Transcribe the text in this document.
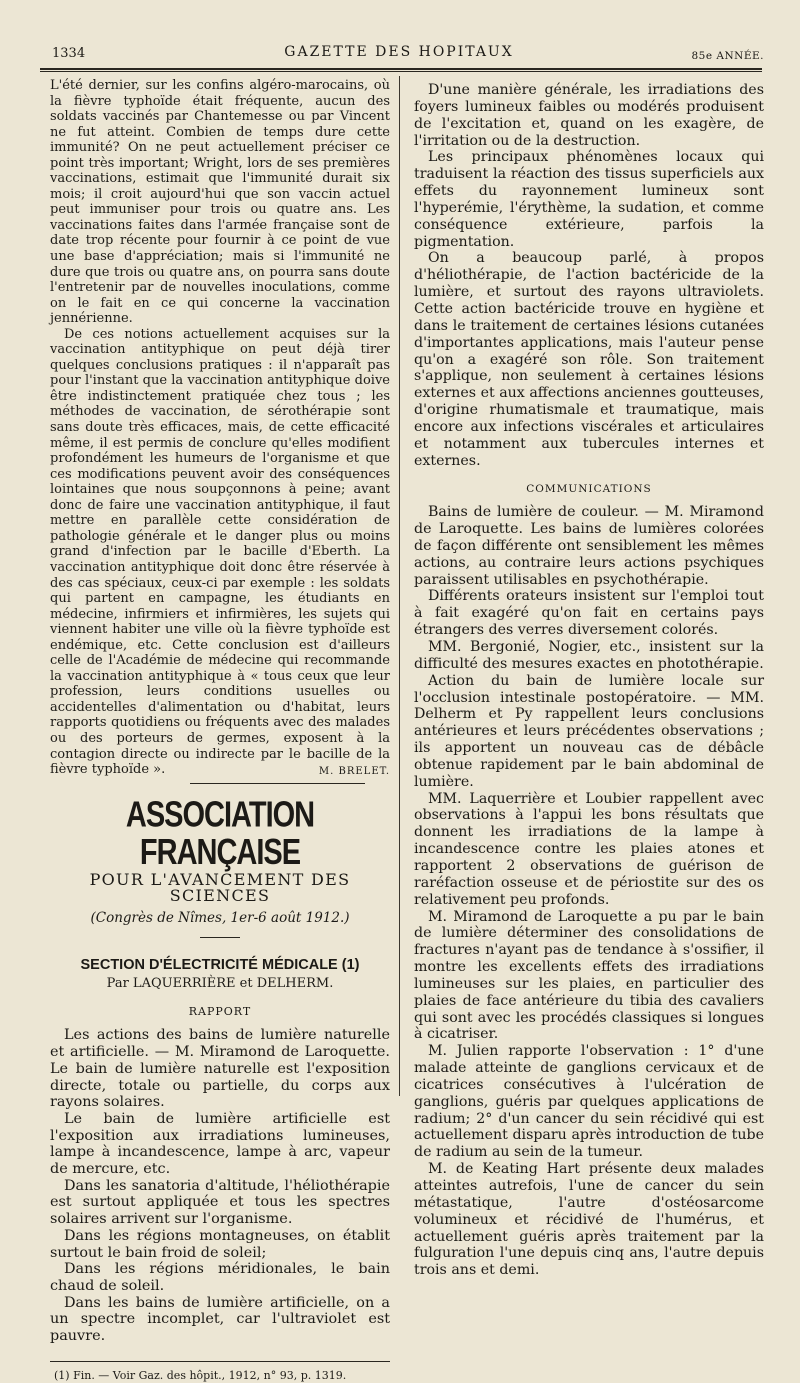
1334	GAZETTE DES HOPITAUX	85e ANNÉE.

L'été dernier, sur les confins algéro-marocains, où la fièvre typhoïde était fréquente, aucun des soldats vaccinés par Chantemesse ou par Vincent ne fut atteint. Combien de temps dure cette immunité? On ne peut actuellement préciser ce point très important; Wright, lors de ses premières vaccinations, estimait que l'immunité durait six mois; il croit aujourd'hui que son vaccin actuel peut immuniser pour trois ou quatre ans. Les vaccinations faites dans l'armée française sont de date trop récente pour fournir à ce point de vue une base d'appréciation; mais si l'immunité ne dure que trois ou quatre ans, on pourra sans doute l'entretenir par de nouvelles inoculations, comme on le fait en ce qui concerne la vaccination jennérienne.

De ces notions actuellement acquises sur la vaccination antityphique on peut déjà tirer quelques conclusions pratiques : il n'apparaît pas pour l'instant que la vaccination antityphique doive être indistinctement pratiquée chez tous ; les méthodes de vaccination, de sérothérapie sont sans doute très efficaces, mais, de cette efficacité même, il est permis de conclure qu'elles modifient profondément les humeurs de l'organisme et que ces modifications peuvent avoir des conséquences lointaines que nous soupçonnons à peine; avant donc de faire une vaccination antityphique, il faut mettre en parallèle cette considération de pathologie générale et le danger plus ou moins grand d'infection par le bacille d'Eberth. La vaccination antityphique doit donc être réservée à des cas spéciaux, ceux-ci par exemple : les soldats qui partent en campagne, les étudiants en médecine, infirmiers et infirmières, les sujets qui viennent habiter une ville où la fièvre typhoïde est endémique, etc. Cette conclusion est d'ailleurs celle de l'Académie de médecine qui recommande la vaccination antityphique à « tous ceux que leur profession, leurs conditions usuelles ou accidentelles d'alimentation ou d'habitat, leurs rapports quotidiens ou fréquents avec des malades ou des porteurs de germes, exposent à la contagion directe ou indirecte par le bacille de la fièvre typhoïde ».	M. BRELET.
ASSOCIATION FRANÇAISE
POUR L'AVANCEMENT DES SCIENCES
(Congrès de Nîmes, 1er-6 août 1912.)
SECTION D'ÉLECTRICITÉ MÉDICALE (1)
Par LAQUERRIÈRE et DELHERM.
RAPPORT

Les actions des bains de lumière naturelle et artificielle. — M. Miramond de Laroquette. Le bain de lumière naturelle est l'exposition directe, totale ou partielle, du corps aux rayons solaires.

Le bain de lumière artificielle est l'exposition aux irradiations lumineuses, lampe à incandescence, lampe à arc, vapeur de mercure, etc.

Dans les sanatoria d'altitude, l'héliothérapie est surtout appliquée et tous les spectres solaires arrivent sur l'organisme.

Dans les régions montagneuses, on établit surtout le bain froid de soleil;

Dans les régions méridionales, le bain chaud de soleil.

Dans les bains de lumière artificielle, on a un spectre incomplet, car l'ultraviolet est pauvre.

(1) Fin. — Voir Gaz. des hôpit., 1912, n° 93, p. 1319.

D'une manière générale, les irradiations des foyers lumineux faibles ou modérés produisent de l'excitation et, quand on les exagère, de l'irritation ou de la destruction.

Les principaux phénomènes locaux qui traduisent la réaction des tissus superficiels aux effets du rayonnement lumineux sont l'hyperémie, l'érythème, la sudation, et comme conséquence extérieure, parfois la pigmentation.

On a beaucoup parlé, à propos d'héliothérapie, de l'action bactéricide de la lumière, et surtout des rayons ultraviolets. Cette action bactéricide trouve en hygiène et dans le traitement de certaines lésions cutanées d'importantes applications, mais l'auteur pense qu'on a exagéré son rôle. Son traitement s'applique, non seulement à certaines lésions externes et aux affections anciennes goutteuses, d'origine rhumatismale et traumatique, mais encore aux infections viscérales et articulaires et notamment aux tubercules internes et externes.

COMMUNICATIONS

Bains de lumière de couleur. — M. Miramond de Laroquette. Les bains de lumières colorées de façon différente ont sensiblement les mêmes actions, au contraire leurs actions psychiques paraissent utilisables en psychothérapie.

Différents orateurs insistent sur l'emploi tout à fait exagéré qu'on fait en certains pays étrangers des verres diversement colorés.

MM. Bergonié, Nogier, etc., insistent sur la difficulté des mesures exactes en photothérapie.

Action du bain de lumière locale sur l'occlusion intestinale postopératoire. — MM. Delherm et Py rappellent leurs conclusions antérieures et leurs précédentes observations ; ils apportent un nouveau cas de débâcle obtenue rapidement par le bain abdominal de lumière.

MM. Laquerrière et Loubier rappellent avec observations à l'appui les bons résultats que donnent les irradiations de la lampe à incandescence contre les plaies atones et rapportent 2 observations de guérison de raréfaction osseuse et de périostite sur des os relativement peu profonds.

M. Miramond de Laroquette a pu par le bain de lumière déterminer des consolidations de fractures n'ayant pas de tendance à s'ossifier, il montre les excellents effets des irradiations lumineuses sur les plaies, en particulier des plaies de face antérieure du tibia des cavaliers qui sont avec les procédés classiques si longues à cicatriser.

M. Julien rapporte l'observation : 1° d'une malade atteinte de ganglions cervicaux et de cicatrices consécutives à l'ulcération de ganglions, guéris par quelques applications de radium; 2° d'un cancer du sein récidivé qui est actuellement disparu après introduction de tube de radium au sein de la tumeur.

M. de Keating Hart présente deux malades atteintes autrefois, l'une de cancer du sein métastatique, l'autre d'ostéosarcome volumineux et récidivé de l'humérus, et actuellement guéris après traitement par la fulguration l'une depuis cinq ans, l'autre depuis trois ans et demi.
